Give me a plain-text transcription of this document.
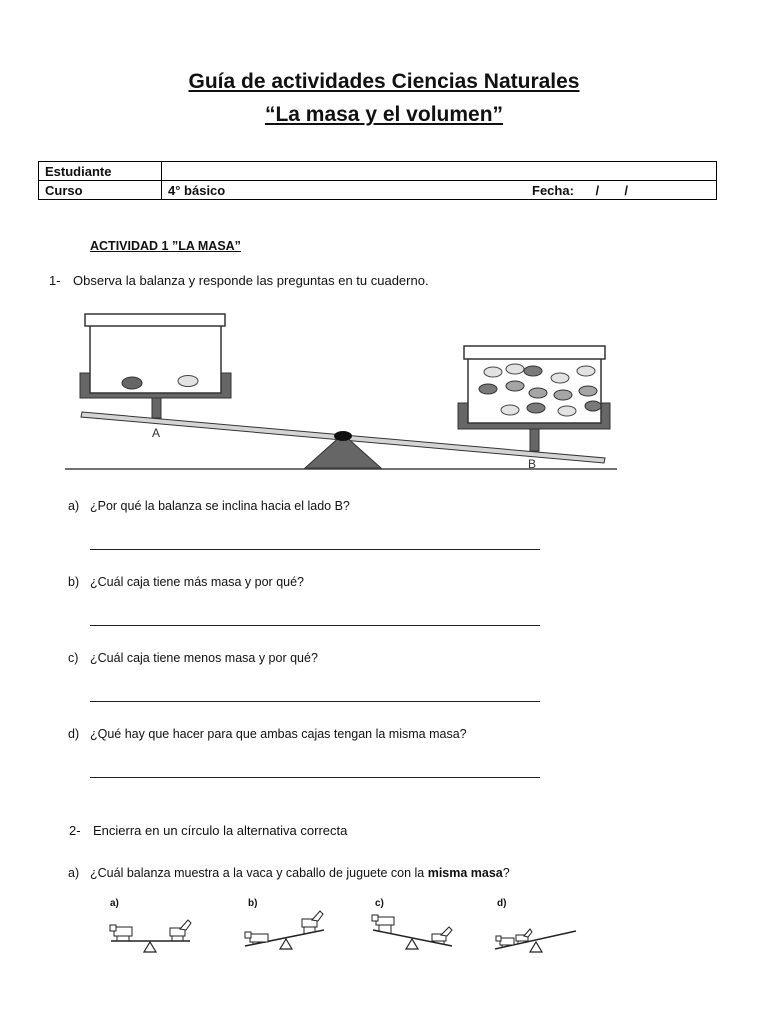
Guía de actividades Ciencias Naturales
“La masa y el volumen”
Estudiante	
Curso	4° básico	Fecha: /       /
ACTIVIDAD 1 ”LA MASA”
1- Observa la balanza y responde las preguntas en tu cuaderno.
A
B
a) ¿Por qué la balanza se inclina hacia el lado B?
b) ¿Cuál caja tiene más masa y por qué?
c) ¿Cuál caja tiene menos masa y por qué?
d) ¿Qué hay que hacer para que ambas cajas tengan la misma masa?
2- Encierra en un círculo la alternativa correcta
a) ¿Cuál balanza muestra a la vaca y caballo de juguete con la misma masa?
a)	b)	c)	d)
